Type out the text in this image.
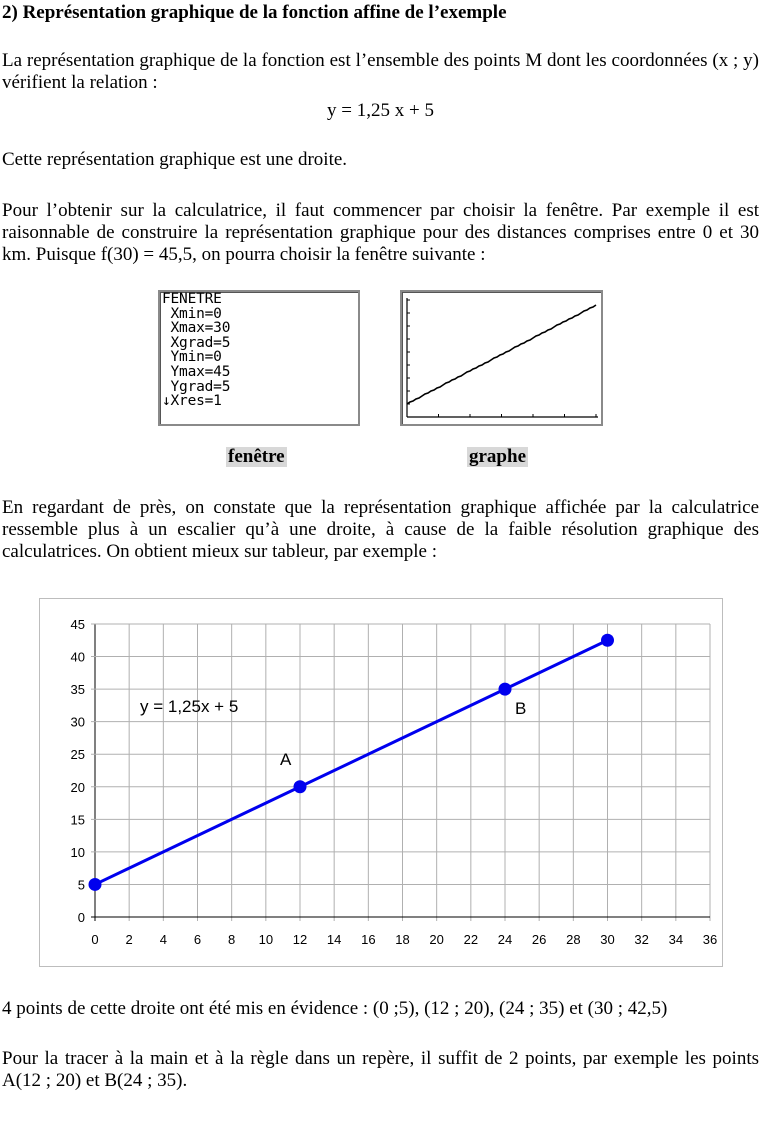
2) Représentation graphique de la fonction affine de l’exemple
La représentation graphique de la fonction est l’ensemble des points M dont les coordonnées (x ; y) vérifient la relation :
y = 1,25 x + 5
Cette représentation graphique est une droite.
Pour l’obtenir sur la calculatrice, il faut commencer par choisir la fenêtre. Par exemple il est raisonnable de construire la représentation graphique pour des distances comprises entre 0 et 30 km. Puisque f(30) = 45,5, on pourra choisir la fenêtre suivante :
FENETRE
Xmin=0
Xmax=30
Xgrad=5
Ymin=0
Ymax=45
Ygrad=5
↓Xres=1
fenêtre	graphe
En regardant de près, on constate que la représentation graphique affichée par la calculatrice ressemble plus à un escalier qu’à une droite, à cause de la faible résolution graphique des calculatrices. On obtient mieux sur tableur, par exemple :
0 2 4 6 8 10 12 14 16 18 20 22 24 26 28 30 32 34 36
0
5
10
15
20
25
30
35
40
45
A
B
y = 1,25x + 5
4 points de cette droite ont été mis en évidence : (0 ;5), (12 ; 20), (24 ; 35) et (30 ; 42,5)
Pour la tracer à la main et à la règle dans un repère, il suffit de 2 points, par exemple les points A(12 ; 20) et B(24 ; 35).
